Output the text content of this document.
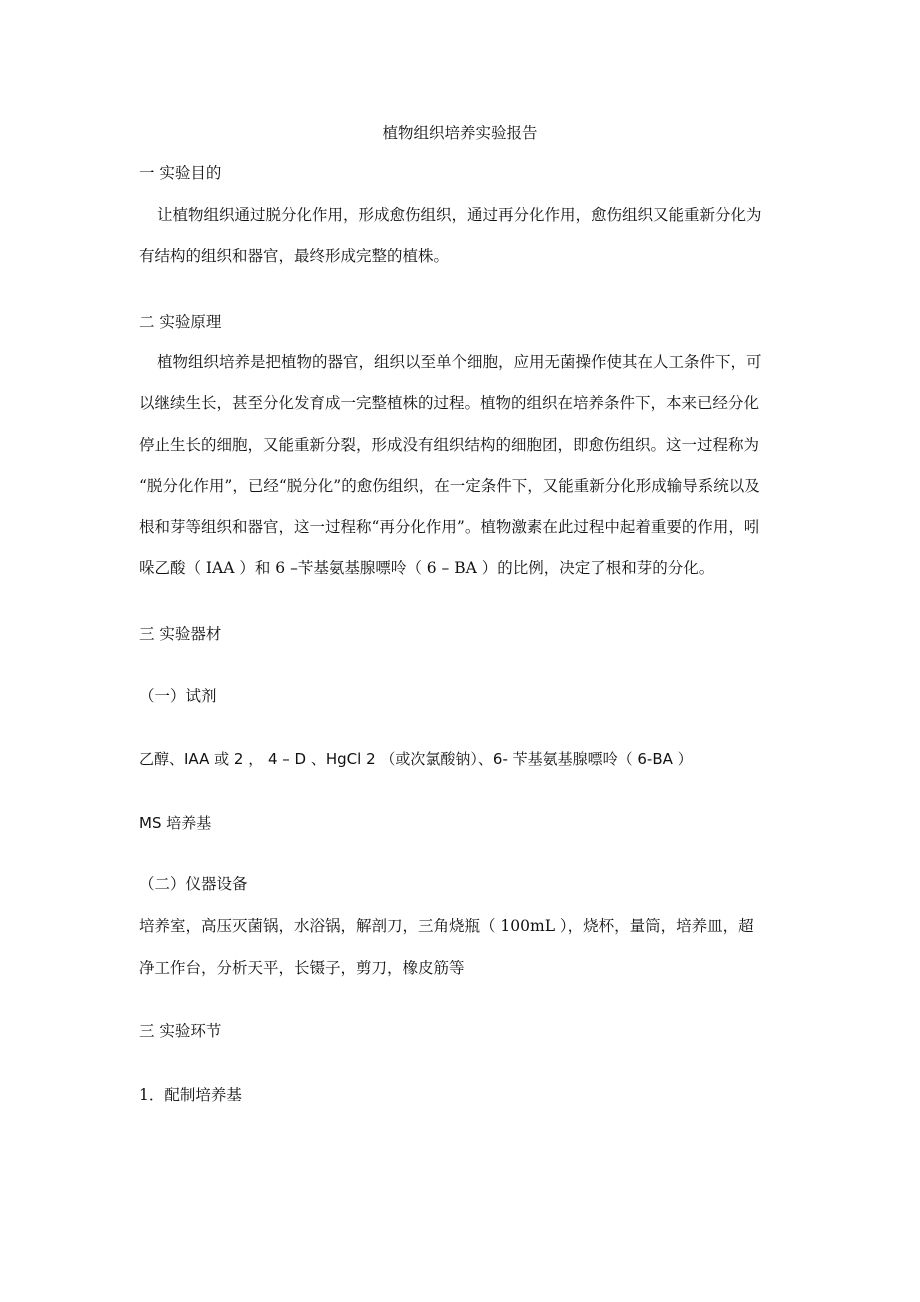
植物组织培养实验报告
一 实验目的
让植物组织通过脱分化作用，形成愈伤组织，通过再分化作用，愈伤组织又能重新分化为
有结构的组织和器官，最终形成完整的植株。
二 实验原理
植物组织培养是把植物的器官，组织以至单个细胞，应用无菌操作使其在人工条件下，可
以继续生长，甚至分化发育成一完整植株的过程。植物的组织在培养条件下，本来已经分化
停止生长的细胞，又能重新分裂，形成没有组织结构的细胞团，即愈伤组织。这一过程称为
“脱分化作用”，已经“脱分化”的愈伤组织，在一定条件下，又能重新分化形成输导系统以及
根和芽等组织和器官，这一过程称“再分化作用”。植物激素在此过程中起着重要的作用，吲
哚乙酸（ IAA ）和 6 –苄基氨基腺嘌呤（ 6 – BA ）的比例，决定了根和芽的分化。
三 实验器材
（一）试剂
乙醇、IAA 或 2 ， 4 – D 、HgCl 2 （或次氯酸钠）、6- 苄基氨基腺嘌呤（ 6-BA ）
MS 培养基
（二）仪器设备
培养室，高压灭菌锅，水浴锅，解剖刀，三角烧瓶（ 100mL ），烧杯，量筒，培养皿，超
净工作台，分析天平，长镊子，剪刀，橡皮筋等
三 实验环节
1．配制培养基
